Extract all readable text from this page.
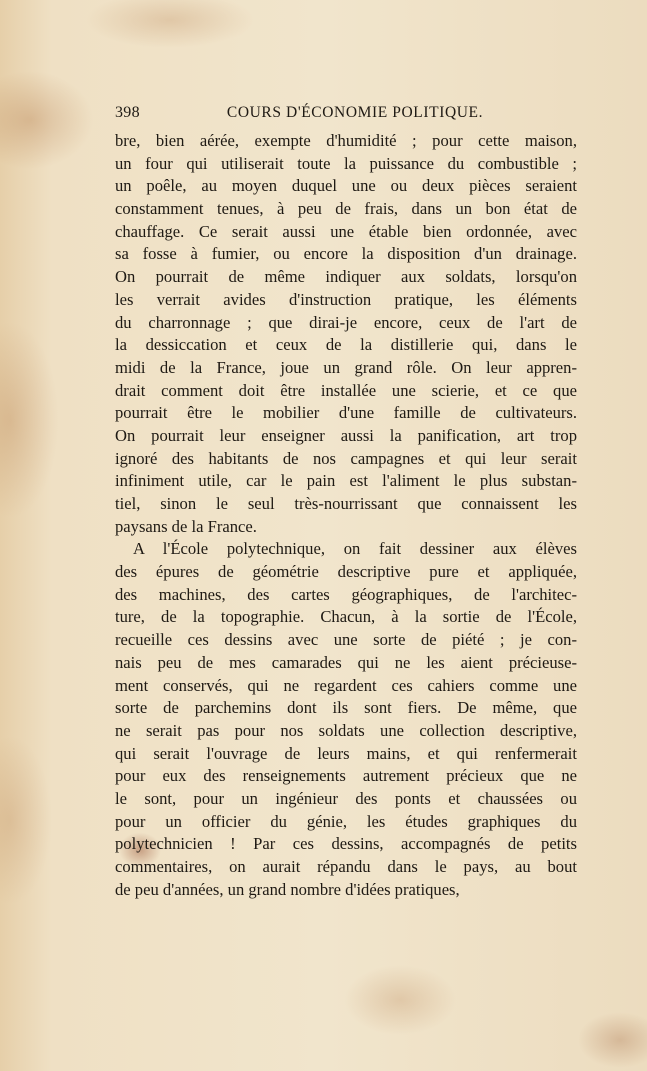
398	COURS D'ÉCONOMIE POLITIQUE.
bre, bien aérée, exempte d'humidité ; pour cette maison,
un four qui utiliserait toute la puissance du combustible ;
un poêle, au moyen duquel une ou deux pièces seraient
constamment tenues, à peu de frais, dans un bon état de
chauffage. Ce serait aussi une étable bien ordonnée, avec
sa fosse à fumier, ou encore la disposition d'un drainage.
On pourrait de même indiquer aux soldats, lorsqu'on
les verrait avides d'instruction pratique, les éléments
du charronnage ; que dirai-je encore, ceux de l'art de
la dessiccation et ceux de la distillerie qui, dans le
midi de la France, joue un grand rôle. On leur appren-
drait comment doit être installée une scierie, et ce que
pourrait être le mobilier d'une famille de cultivateurs.
On pourrait leur enseigner aussi la panification, art trop
ignoré des habitants de nos campagnes et qui leur serait
infiniment utile, car le pain est l'aliment le plus substan-
tiel, sinon le seul très-nourrissant que connaissent les
paysans de la France.
A l'École polytechnique, on fait dessiner aux élèves
des épures de géométrie descriptive pure et appliquée,
des machines, des cartes géographiques, de l'architec-
ture, de la topographie. Chacun, à la sortie de l'École,
recueille ces dessins avec une sorte de piété ; je con-
nais peu de mes camarades qui ne les aient précieuse-
ment conservés, qui ne regardent ces cahiers comme une
sorte de parchemins dont ils sont fiers. De même, que
ne serait pas pour nos soldats une collection descriptive,
qui serait l'ouvrage de leurs mains, et qui renfermerait
pour eux des renseignements autrement précieux que ne
le sont, pour un ingénieur des ponts et chaussées ou
pour un officier du génie, les études graphiques du
polytechnicien ! Par ces dessins, accompagnés de petits
commentaires, on aurait répandu dans le pays, au bout
de peu d'années, un grand nombre d'idées pratiques,
